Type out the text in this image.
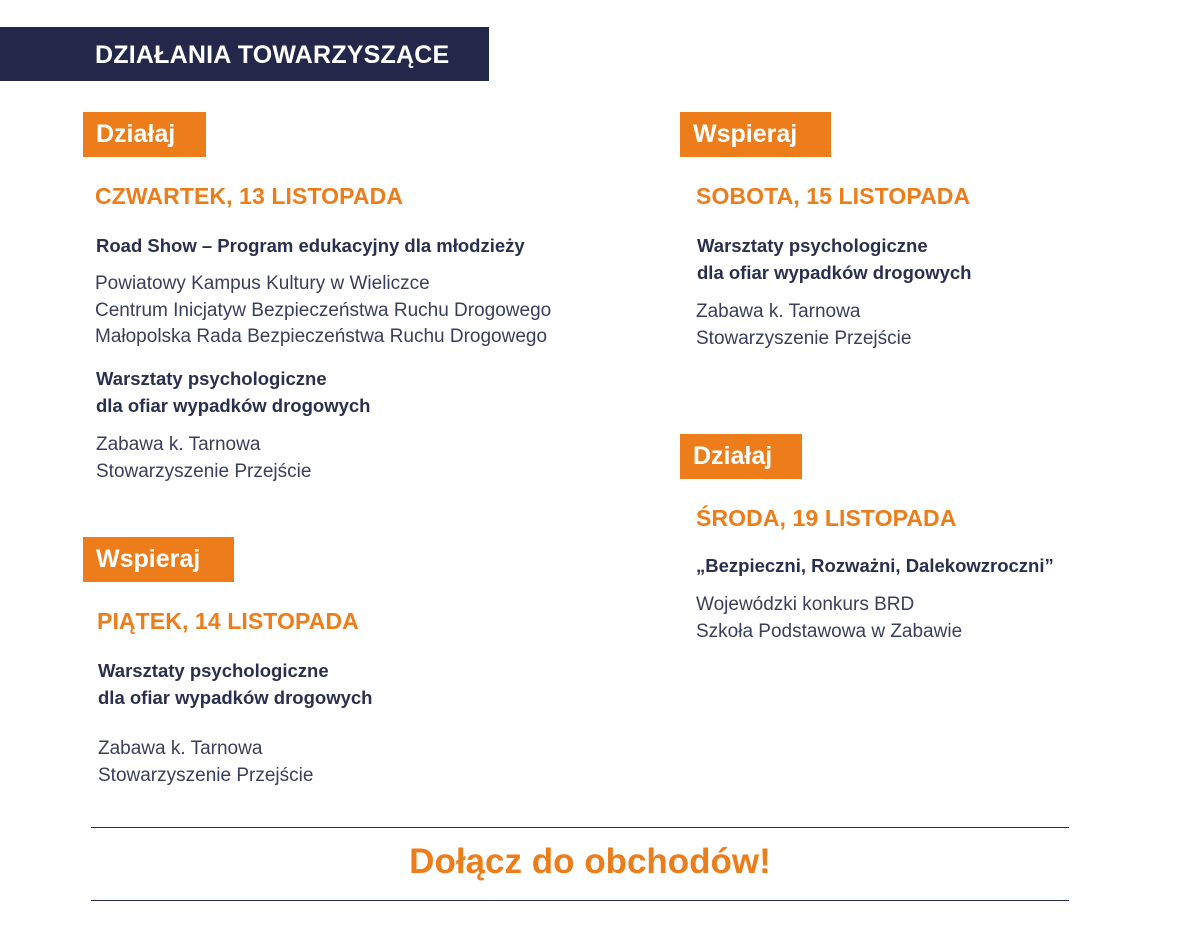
DZIAŁANIA TOWARZYSZĄCE
Działaj
CZWARTEK, 13 LISTOPADA
Road Show – Program edukacyjny dla młodzieży
Powiatowy Kampus Kultury w Wieliczce
Centrum Inicjatyw Bezpieczeństwa Ruchu Drogowego
Małopolska Rada Bezpieczeństwa Ruchu Drogowego
Warsztaty psychologiczne
dla ofiar wypadków drogowych
Zabawa k. Tarnowa
Stowarzyszenie Przejście
Wspieraj
PIĄTEK, 14 LISTOPADA
Warsztaty psychologiczne
dla ofiar wypadków drogowych
Zabawa k. Tarnowa
Stowarzyszenie Przejście
Wspieraj
SOBOTA, 15 LISTOPADA
Warsztaty psychologiczne
dla ofiar wypadków drogowych
Zabawa k. Tarnowa
Stowarzyszenie Przejście
Działaj
ŚRODA, 19 LISTOPADA
„Bezpieczni, Rozważni, Dalekowzroczni”
Wojewódzki konkurs BRD
Szkoła Podstawowa w Zabawie
Dołącz do obchodów!
